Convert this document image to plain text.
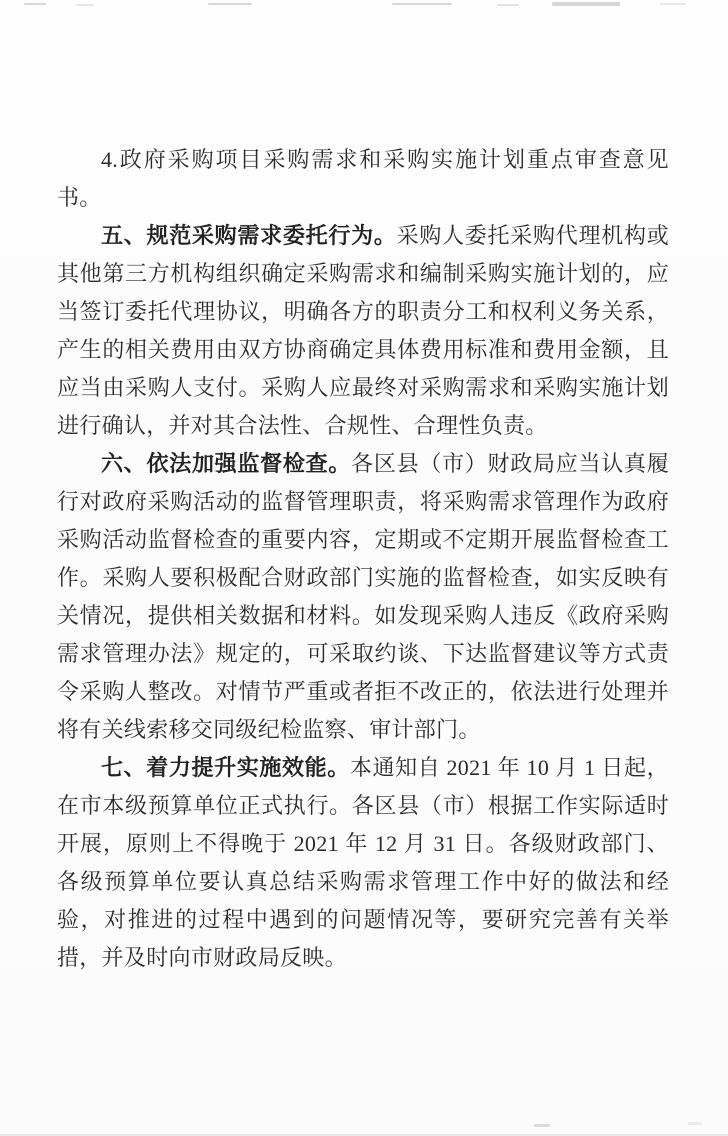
4.政府采购项目采购需求和采购实施计划重点审查意见书。

五、规范采购需求委托行为。采购人委托采购代理机构或其他第三方机构组织确定采购需求和编制采购实施计划的，应当签订委托代理协议，明确各方的职责分工和权利义务关系，产生的相关费用由双方协商确定具体费用标准和费用金额，且应当由采购人支付。采购人应最终对采购需求和采购实施计划进行确认，并对其合法性、合规性、合理性负责。

六、依法加强监督检查。各区县（市）财政局应当认真履行对政府采购活动的监督管理职责，将采购需求管理作为政府采购活动监督检查的重要内容，定期或不定期开展监督检查工作。采购人要积极配合财政部门实施的监督检查，如实反映有关情况，提供相关数据和材料。如发现采购人违反《政府采购需求管理办法》规定的，可采取约谈、下达监督建议等方式责令采购人整改。对情节严重或者拒不改正的，依法进行处理并将有关线索移交同级纪检监察、审计部门。

七、着力提升实施效能。本通知自 2021 年 10 月 1 日起，在市本级预算单位正式执行。各区县（市）根据工作实际适时开展，原则上不得晚于 2021 年 12 月 31 日。各级财政部门、各级预算单位要认真总结采购需求管理工作中好的做法和经验，对推进的过程中遇到的问题情况等，要研究完善有关举措，并及时向市财政局反映。
